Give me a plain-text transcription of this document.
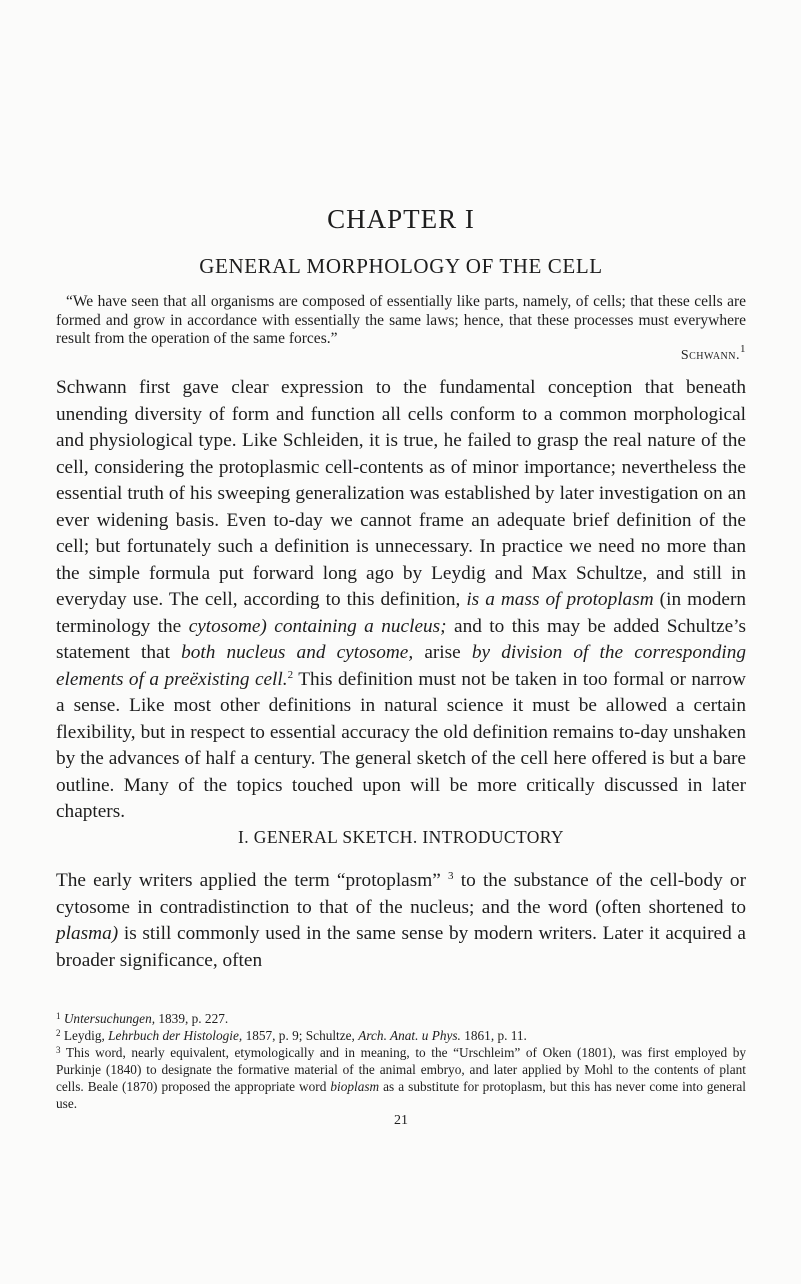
CHAPTER I
GENERAL MORPHOLOGY OF THE CELL
“We have seen that all organisms are composed of essentially like parts, namely, of cells; that these cells are formed and grow in accordance with essentially the same laws; hence, that these processes must everywhere result from the operation of the same forces.”
Schwann.$^1$
Schwann first gave clear expression to the fundamental conception that beneath unending diversity of form and function all cells conform to a common morphological and physiological type. Like Schleiden, it is true, he failed to grasp the real nature of the cell, considering the protoplasmic cell-contents as of minor importance; nevertheless the essential truth of his sweeping generalization was established by later investigation on an ever widening basis. Even to-day we cannot frame an adequate brief definition of the cell; but fortunately such a definition is unnecessary. In practice we need no more than the simple formula put forward long ago by Leydig and Max Schultze, and still in everyday use. The cell, according to this definition, is a mass of protoplasm (in modern terminology the cytosome) containing a nucleus; and to this may be added Schultze’s statement that both nucleus and cytosome, arise by division of the corresponding elements of a preëxisting cell.$^2$ This definition must not be taken in too formal or narrow a sense. Like most other definitions in natural science it must be allowed a certain flexibility, but in respect to essential accuracy the old definition remains to-day unshaken by the advances of half a century. The general sketch of the cell here offered is but a bare outline. Many of the topics touched upon will be more critically discussed in later chapters.
I. GENERAL SKETCH. INTRODUCTORY
The early writers applied the term “protoplasm” $^3$ to the substance of the cell-body or cytosome in contradistinction to that of the nucleus; and the word (often shortened to plasma) is still commonly used in the same sense by modern writers. Later it acquired a broader significance, often

$^1$ Untersuchungen, 1839, p. 227.

$^2$ Leydig, Lehrbuch der Histologie, 1857, p. 9; Schultze, Arch. Anat. u Phys. 1861, p. 11.

$^3$ This word, nearly equivalent, etymologically and in meaning, to the “Urschleim” of Oken (1801), was first employed by Purkinje (1840) to designate the formative material of the animal embryo, and later applied by Mohl to the contents of plant cells. Beale (1870) proposed the appropriate word bioplasm as a substitute for protoplasm, but this has never come into general use.

21
